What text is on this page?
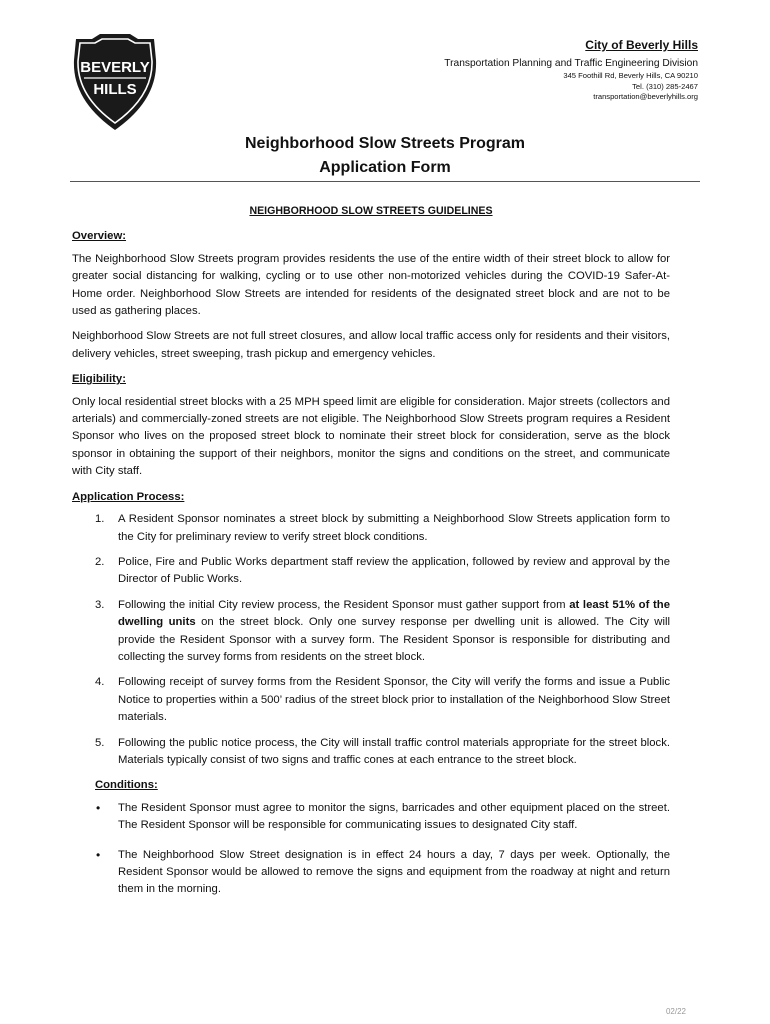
BEVERLY
HILLS
City of Beverly Hills
Transportation Planning and Traffic Engineering Division
345 Foothill Rd, Beverly Hills, CA 90210
Tel. (310) 285-2467
transportation@beverlyhills.org
Neighborhood Slow Streets Program
Application Form
NEIGHBORHOOD SLOW STREETS GUIDELINES
Overview:

The Neighborhood Slow Streets program provides residents the use of the entire width of their street block to allow for greater social distancing for walking, cycling or to use other non-motorized vehicles during the COVID-19 Safer-At-Home order. Neighborhood Slow Streets are intended for residents of the designated street block and are not to be used as gathering places.

Neighborhood Slow Streets are not full street closures, and allow local traffic access only for residents and their visitors, delivery vehicles, street sweeping, trash pickup and emergency vehicles.

Eligibility:

Only local residential street blocks with a 25 MPH speed limit are eligible for consideration. Major streets (collectors and arterials) and commercially-zoned streets are not eligible. The Neighborhood Slow Streets program requires a Resident Sponsor who lives on the proposed street block to nominate their street block for consideration, serve as the block sponsor in obtaining the support of their neighbors, monitor the signs and conditions on the street, and communicate with City staff.

Application Process:
1. A Resident Sponsor nominates a street block by submitting a Neighborhood Slow Streets application form to the City for preliminary review to verify street block conditions.
2. Police, Fire and Public Works department staff review the application, followed by review and approval by the Director of Public Works.
3. Following the initial City review process, the Resident Sponsor must gather support from at least 51% of the dwelling units on the street block. Only one survey response per dwelling unit is allowed. The City will provide the Resident Sponsor with a survey form. The Resident Sponsor is responsible for distributing and collecting the survey forms from residents on the street block.
4. Following receipt of survey forms from the Resident Sponsor, the City will verify the forms and issue a Public Notice to properties within a 500’ radius of the street block prior to installation of the Neighborhood Slow Street materials.
5. Following the public notice process, the City will install traffic control materials appropriate for the street block. Materials typically consist of two signs and traffic cones at each entrance to the street block.
Conditions:
• The Resident Sponsor must agree to monitor the signs, barricades and other equipment placed on the street. The Resident Sponsor will be responsible for communicating issues to designated City staff.
• The Neighborhood Slow Street designation is in effect 24 hours a day, 7 days per week. Optionally, the Resident Sponsor would be allowed to remove the signs and equipment from the roadway at night and return them in the morning.
02/22
